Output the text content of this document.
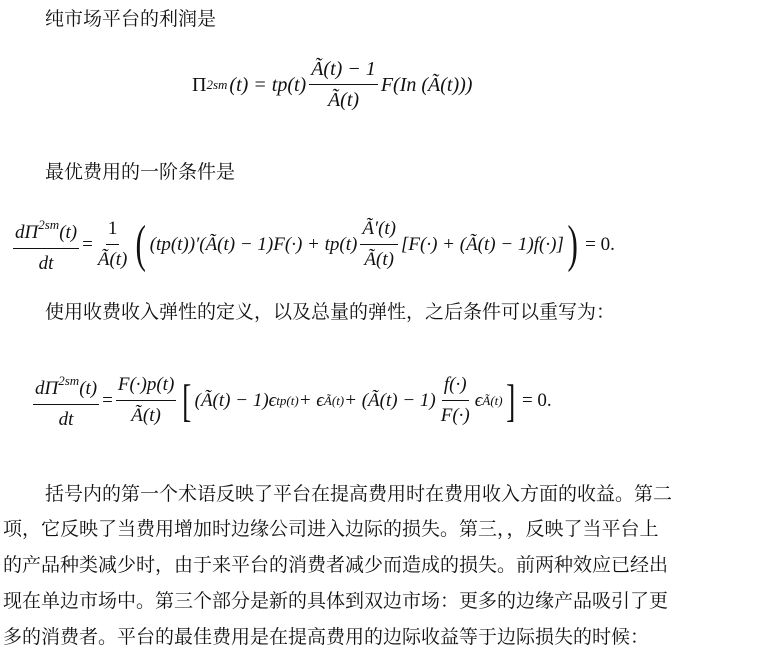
纯市场平台的利润是
Π 2sm $(t) = tp(t) \frac{Ã(t) - 1}{Ã(t)} F(In$ (Ã(t)))
最优费用的一阶条件是
$\frac{d\Pi^{2sm}(t)}{dt} = \frac{1}{Ã(t)}$ ( (tp(t))′(Ã(t) − $1)F(\cdot) + tp(t) \frac{Ã'(t)}{Ã(t)} [F(\cdot)$ + (Ã(t) − 1)f(·)] ) = 0.
使用收费收入弹性的定义，以及总量的弹性，之后条件可以重写为：
$\frac{d\Pi^{2sm}(t)}{dt} = \frac{F(\cdot)p(t)}{Ã(t)}$ [ (Ã(t) − 1)ϵ tp(t) + ϵ Ã(t) + (Ã(t) − $1) \frac{f(\cdot)}{F(\cdot)}$ ϵ Ã(t) ] = 0.
括号内的第一个术语反映了平台在提高费用时在费用收入方面的收益。第二
项，它反映了当费用增加时边缘公司进入边际的损失。第三，，反映了当平台上
的产品种类减少时，由于来平台的消费者减少而造成的损失。前两种效应已经出
现在单边市场中。第三个部分是新的具体到双边市场：更多的边缘产品吸引了更
多的消费者。平台的最佳费用是在提高费用的边际收益等于边际损失的时候：
